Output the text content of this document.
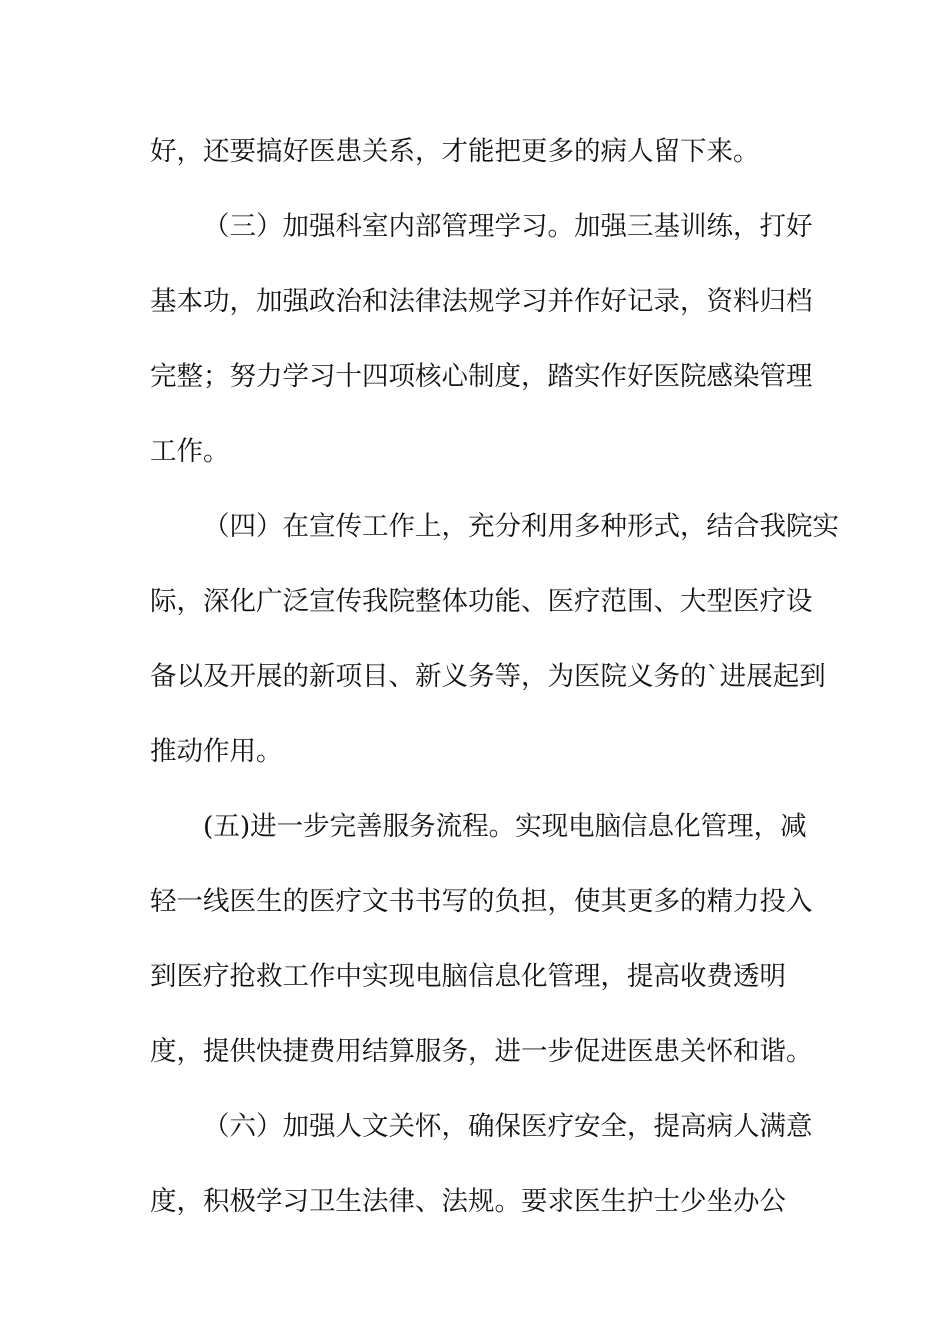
好，还要搞好医患关系，才能把更多的病人留下来。
（三）加强科室内部管理学习。加强三基训练，打好
基本功，加强政治和法律法规学习并作好记录，资料归档
完整；努力学习十四项核心制度，踏实作好医院感染管理
工作。
（四）在宣传工作上，充分利用多种形式，结合我院实
际，深化广泛宣传我院整体功能、医疗范围、大型医疗设
备以及开展的新项目、新义务等，为医院义务的`进展起到
推动作用。
(五)进一步完善服务流程。实现电脑信息化管理，减
轻一线医生的医疗文书书写的负担，使其更多的精力投入
到医疗抢救工作中实现电脑信息化管理，提高收费透明
度，提供快捷费用结算服务，进一步促进医患关怀和谐。
（六）加强人文关怀，确保医疗安全，提高病人满意
度，积极学习卫生法律、法规。要求医生护士少坐办公
